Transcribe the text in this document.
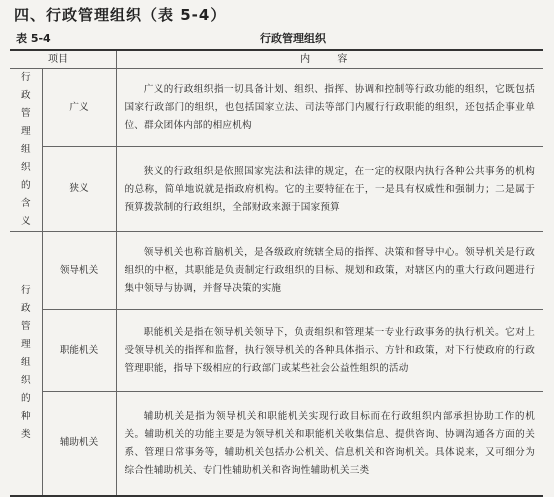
四、行政管理组织（表 5-4）
表 5-4	行政管理组织
项目		内 容

行政管理组织的含义	广义	广义的行政组织指一切具备计划、组织、指挥、协调和控制等行政功能的组织，它既包括国家行政部门的组织，也包括国家立法、司法等部门内履行行政职能的组织，还包括企事业单位、群众团体内部的相应机构
	狭义	狭义的行政组织是依照国家宪法和法律的规定，在一定的权限内执行各种公共事务的机构的总称，简单地说就是指政府机构。它的主要特征在于，一是具有权威性和强制力；二是属于预算拨款制的行政组织，全部财政来源于国家预算

行政管理组织的种类	领导机关	领导机关也称首脑机关，是各级政府统辖全局的指挥、决策和督导中心。领导机关是行政组织的中枢，其职能是负责制定行政组织的目标、规划和政策，对辖区内的重大行政问题进行集中领导与协调，并督导决策的实施
	职能机关	职能机关是指在领导机关领导下，负责组织和管理某一专业行政事务的执行机关。它对上受领导机关的指挥和监督，执行领导机关的各种具体指示、方针和政策，对下行使政府的行政管理职能，指导下级相应的行政部门或某些社会公益性组织的活动
	辅助机关	辅助机关是指为领导机关和职能机关实现行政目标而在行政组织内部承担协助工作的机关。辅助机关的功能主要是为领导机关和职能机关收集信息、提供咨询、协调沟通各方面的关系、管理日常事务等，辅助机关包括办公机关、信息机关和咨询机关。具体说来，又可细分为综合性辅助机关、专门性辅助机关和咨询性辅助机关三类
